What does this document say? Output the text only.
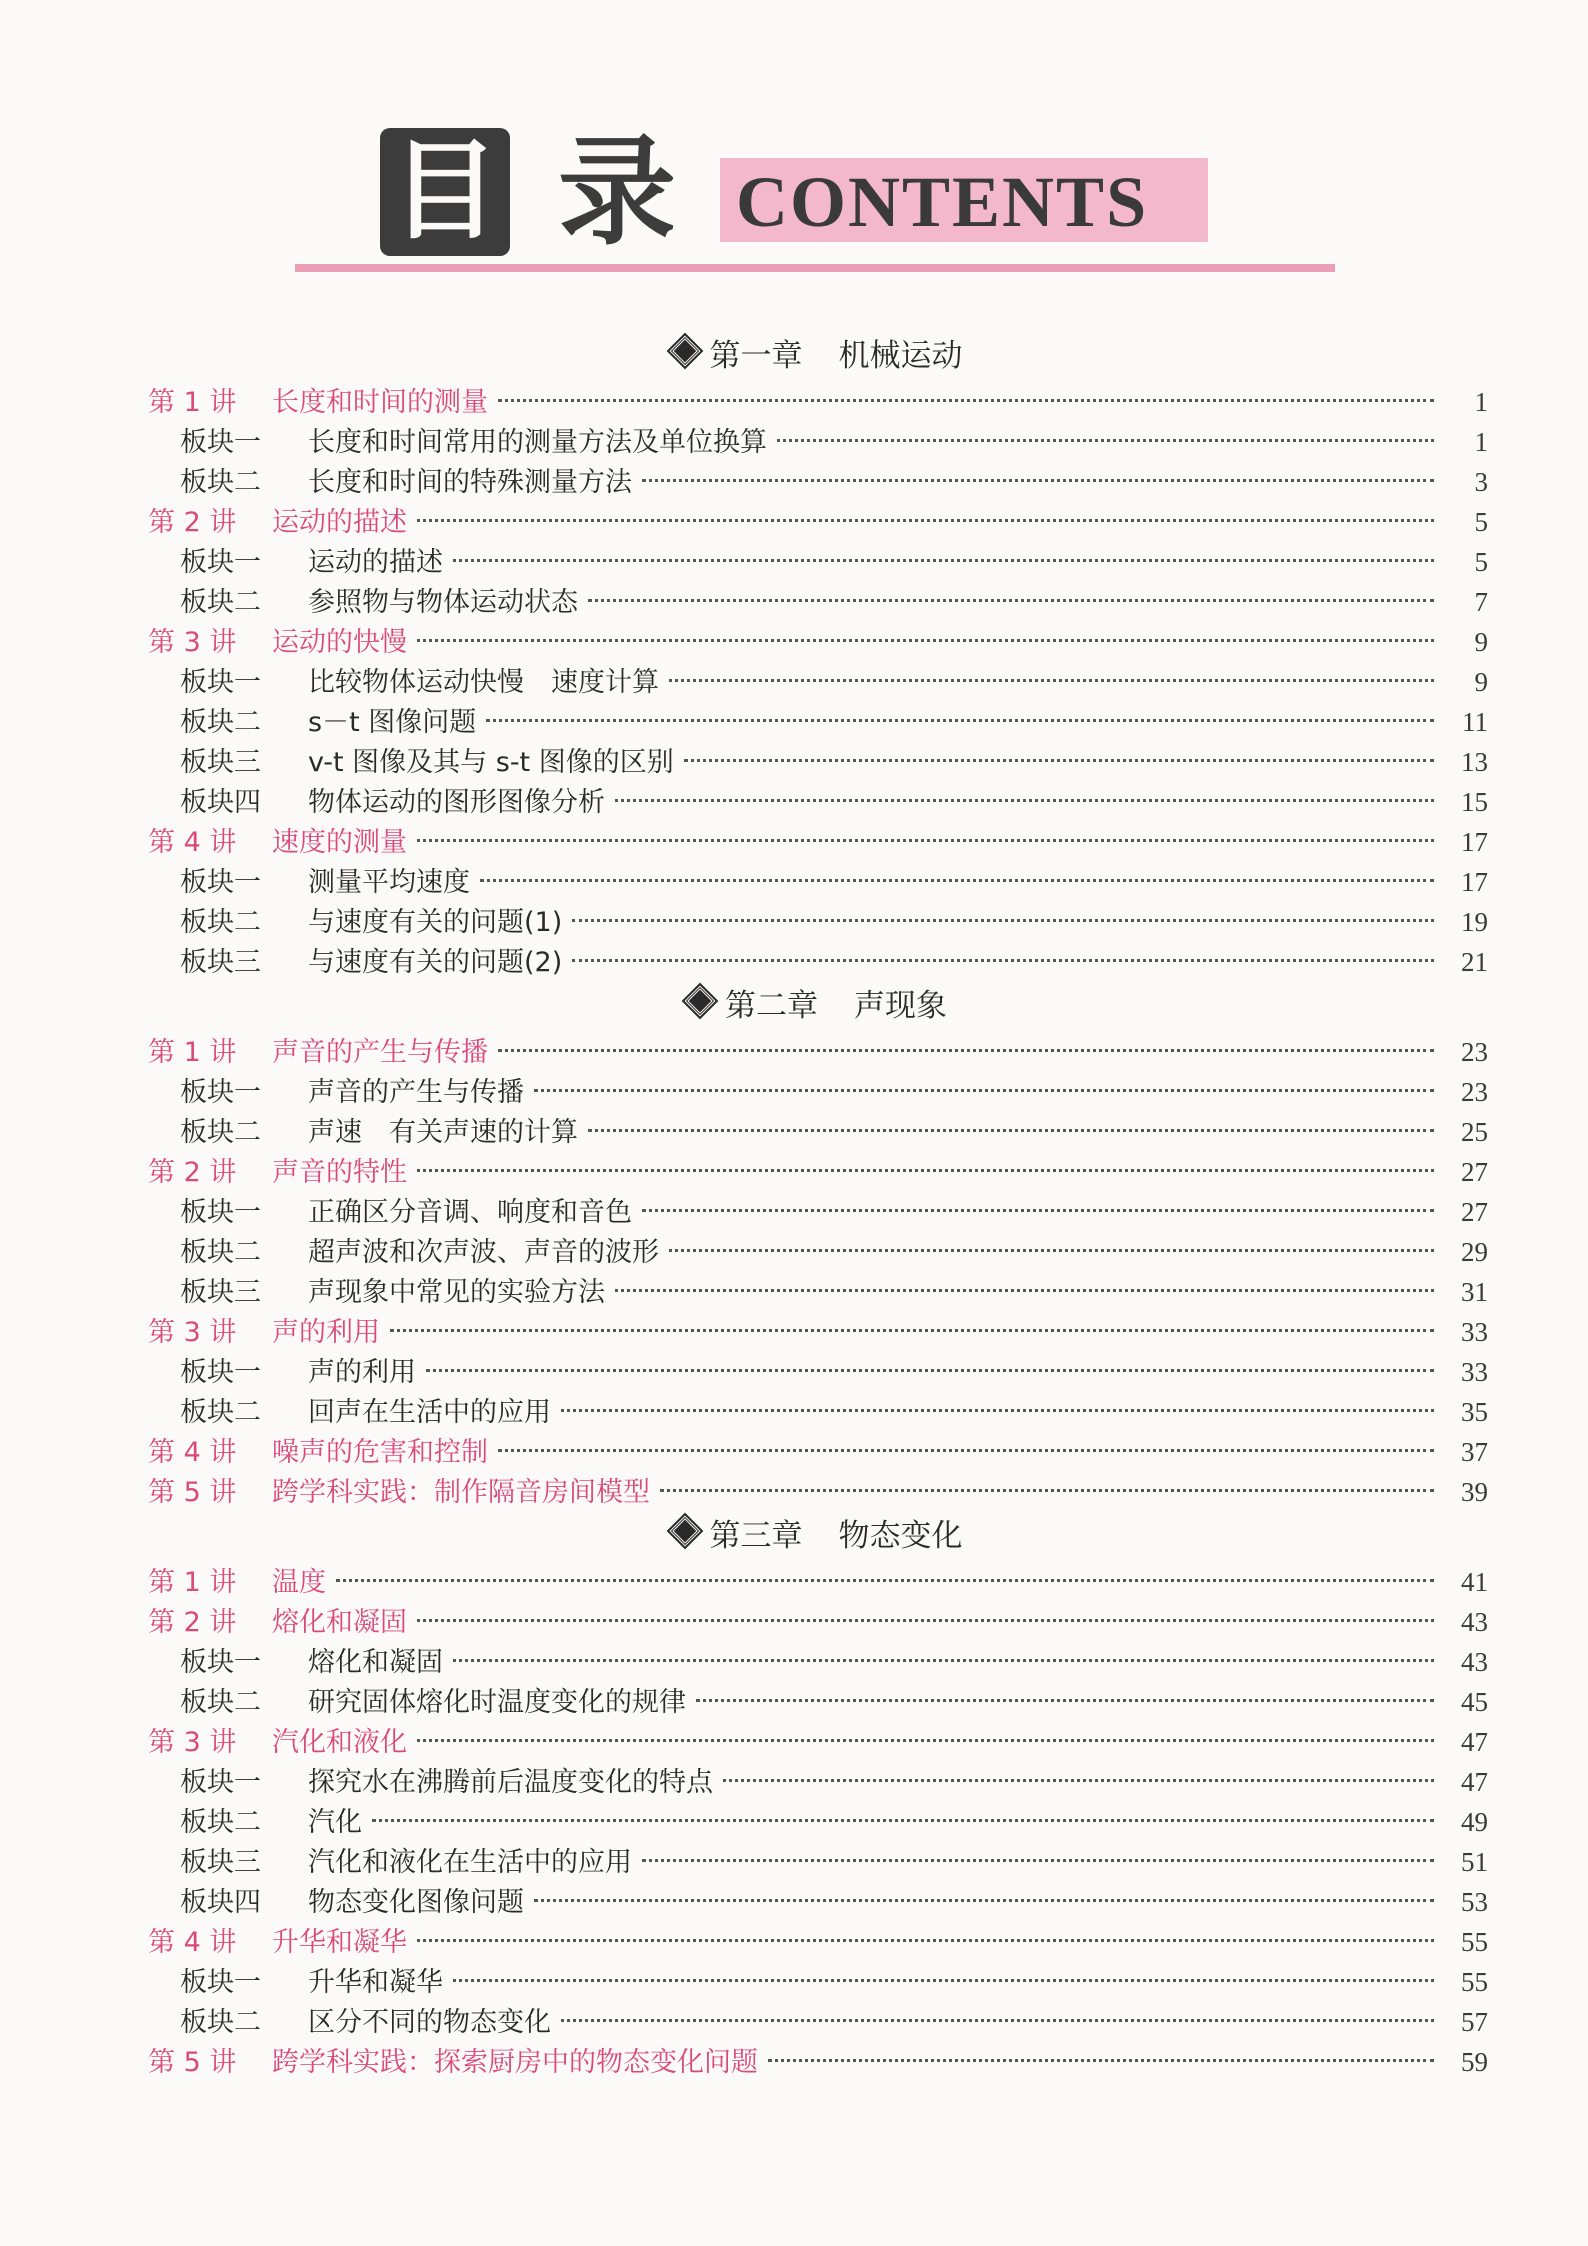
目 录 CONTENTS
第一章 机械运动
第 1 讲 长度和时间的测量	1
板块一 长度和时间常用的测量方法及单位换算	1
板块二 长度和时间的特殊测量方法	3
第 2 讲 运动的描述	5
板块一 运动的描述	5
板块二 参照物与物体运动状态	7
第 3 讲 运动的快慢	9
板块一 比较物体运动快慢　速度计算	9
板块二 s－t 图像问题	11
板块三 v-t 图像及其与 s-t 图像的区别	13
板块四 物体运动的图形图像分析	15
第 4 讲 速度的测量	17
板块一 测量平均速度	17
板块二 与速度有关的问题(1)	19
板块三 与速度有关的问题(2)	21
第二章 声现象
第 1 讲 声音的产生与传播	23
板块一 声音的产生与传播	23
板块二 声速　有关声速的计算	25
第 2 讲 声音的特性	27
板块一 正确区分音调、响度和音色	27
板块二 超声波和次声波、声音的波形	29
板块三 声现象中常见的实验方法	31
第 3 讲 声的利用	33
板块一 声的利用	33
板块二 回声在生活中的应用	35
第 4 讲 噪声的危害和控制	37
第 5 讲 跨学科实践：制作隔音房间模型	39
第三章 物态变化
第 1 讲 温度	41
第 2 讲 熔化和凝固	43
板块一 熔化和凝固	43
板块二 研究固体熔化时温度变化的规律	45
第 3 讲 汽化和液化	47
板块一 探究水在沸腾前后温度变化的特点	47
板块二 汽化	49
板块三 汽化和液化在生活中的应用	51
板块四 物态变化图像问题	53
第 4 讲 升华和凝华	55
板块一 升华和凝华	55
板块二 区分不同的物态变化	57
第 5 讲 跨学科实践：探索厨房中的物态变化问题	59
